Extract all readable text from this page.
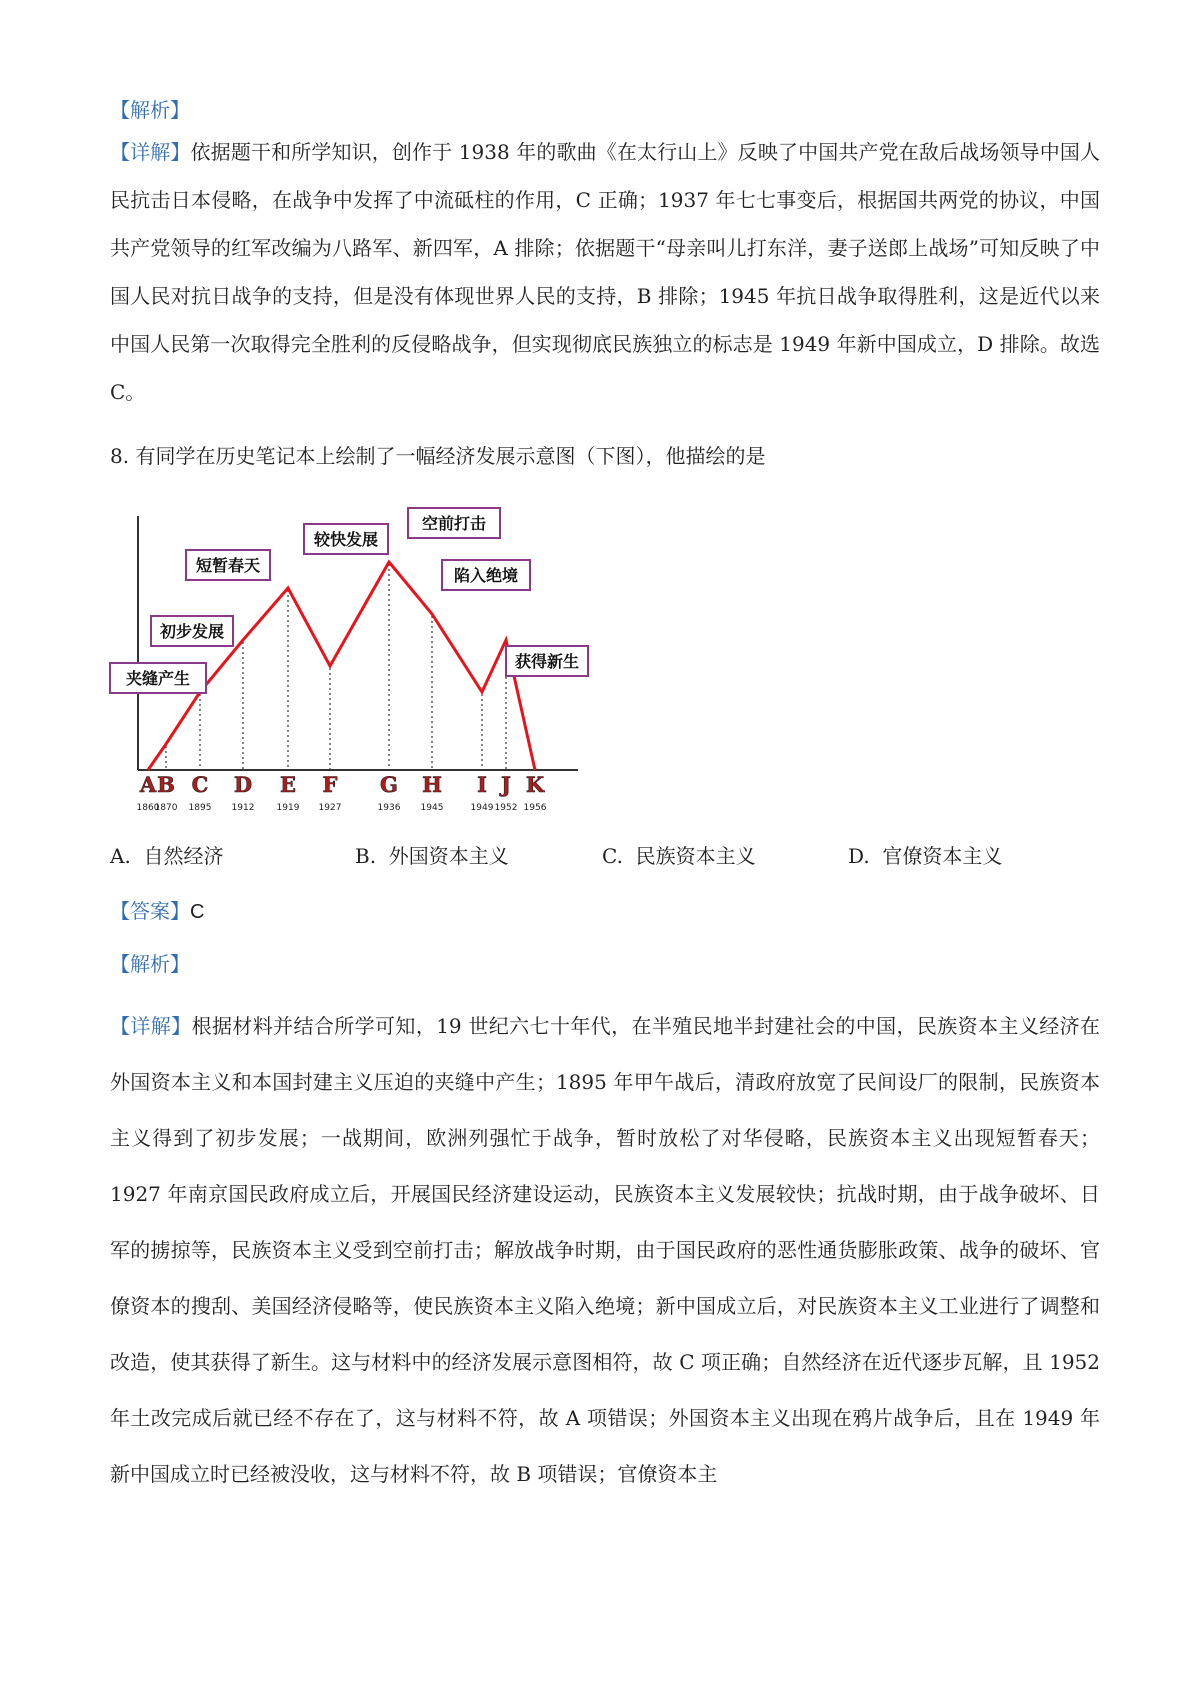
【解析】

【详解】依据题干和所学知识，创作于 1938 年的歌曲《在太行山上》反映了中国共产党在敌后战场领导中国人民抗击日本侵略，在战争中发挥了中流砥柱的作用，C 正确；1937 年七七事变后，根据国共两党的协议，中国共产党领导的红军改编为八路军、新四军，A 排除；依据题干“母亲叫儿打东洋，妻子送郎上战场”可知反映了中国人民对抗日战争的支持，但是没有体现世界人民的支持，B 排除；1945 年抗日战争取得胜利，这是近代以来中国人民第一次取得完全胜利的反侵略战争，但实现彻底民族独立的标志是 1949 年新中国成立，D 排除。故选 C。

8. 有同学在历史笔记本上绘制了一幅经济发展示意图（下图），他描绘的是
A B C D E F G H I J K
1860
1870 1895 1912 1919 1927	1936 1945	1949 1952 1956
夹缝产生
初步发展
短暂春天
较快发展
空前打击
陷入绝境
获得新生
A. 自然经济	B. 外国资本主义	C. 民族资本主义	D. 官僚资本主义
【答案】C
【解析】

【详解】根据材料并结合所学可知，19 世纪六七十年代，在半殖民地半封建社会的中国，民族资本主义经济在外国资本主义和本国封建主义压迫的夹缝中产生；1895 年甲午战后，清政府放宽了民间设厂的限制，民族资本主义得到了初步发展；一战期间，欧洲列强忙于战争，暂时放松了对华侵略，民族资本主义出现短暂春天；1927 年南京国民政府成立后，开展国民经济建设运动，民族资本主义发展较快；抗战时期，由于战争破坏、日军的掳掠等，民族资本主义受到空前打击；解放战争时期，由于国民政府的恶性通货膨胀政策、战争的破坏、官僚资本的搜刮、美国经济侵略等，使民族资本主义陷入绝境；新中国成立后，对民族资本主义工业进行了调整和改造，使其获得了新生。这与材料中的经济发展示意图相符，故 C 项正确；自然经济在近代逐步瓦解，且 1952 年土改完成后就已经不存在了，这与材料不符，故 A 项错误；外国资本主义出现在鸦片战争后，且在 1949 年新中国成立时已经被没收，这与材料不符，故 B 项错误；官僚资本主
